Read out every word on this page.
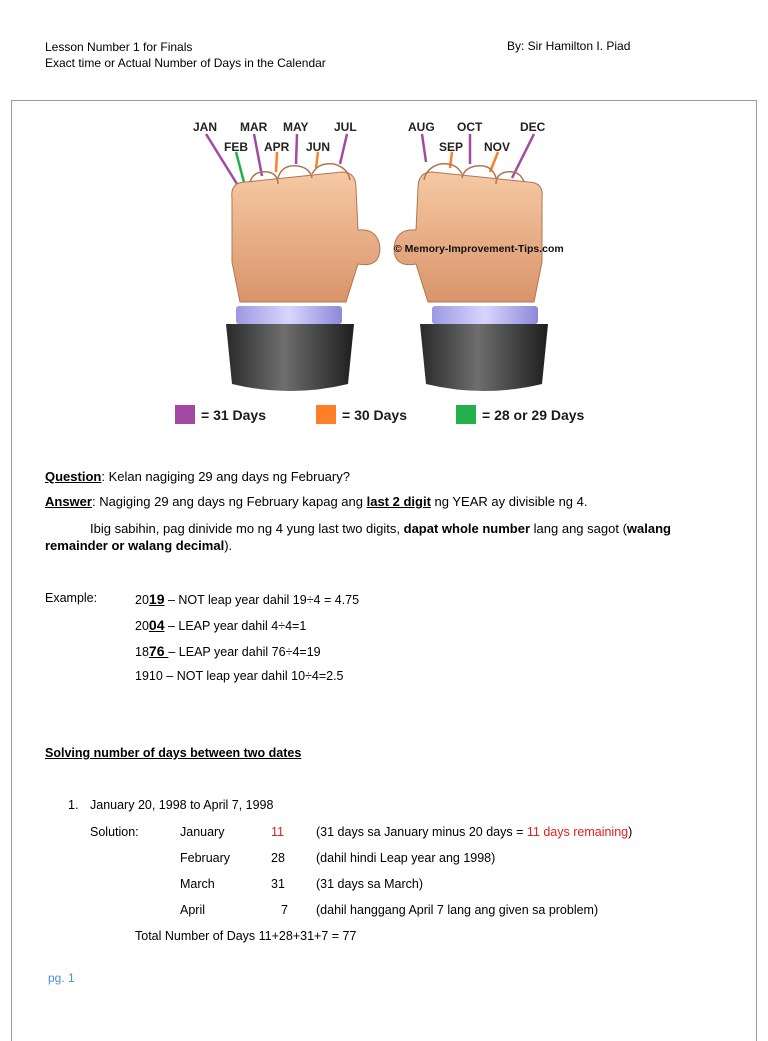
Lesson Number 1 for Finals
Exact time or Actual Number of Days in the Calendar
By: Sir Hamilton I. Piad
JAN MAR MAY JUL	AUG OCT	DEC
FEB APR JUN	SEP NOV
© Memory-Improvement-Tips.com
= 31 Days	= 30 Days	= 28 or 29 Days
Question: Kelan nagiging 29 ang days ng February?
Answer: Nagiging 29 ang days ng February kapag ang last 2 digit ng YEAR ay divisible ng 4.
Ibig sabihin, pag dinivide mo ng 4 yung last two digits, dapat whole number lang ang sagot (walang
remainder or walang decimal).
Example:	2019 – NOT leap year dahil 19÷4 = 4.75
2004 – LEAP year dahil 4÷4=1
1876 – LEAP year dahil 76÷4=19
1910 – NOT leap year dahil 10÷4=2.5
Solving number of days between two dates
1. January 20, 1998 to April 7, 1998
Solution:	January	11	(31 days sa January minus 20 days = 11 days remaining)
February	28 (dahil hindi Leap year ang 1998)
March	31 (31 days sa March)
April	7 (dahil hanggang April 7 lang ang given sa problem)
Total Number of Days 11+28+31+7 = 77
pg. 1
